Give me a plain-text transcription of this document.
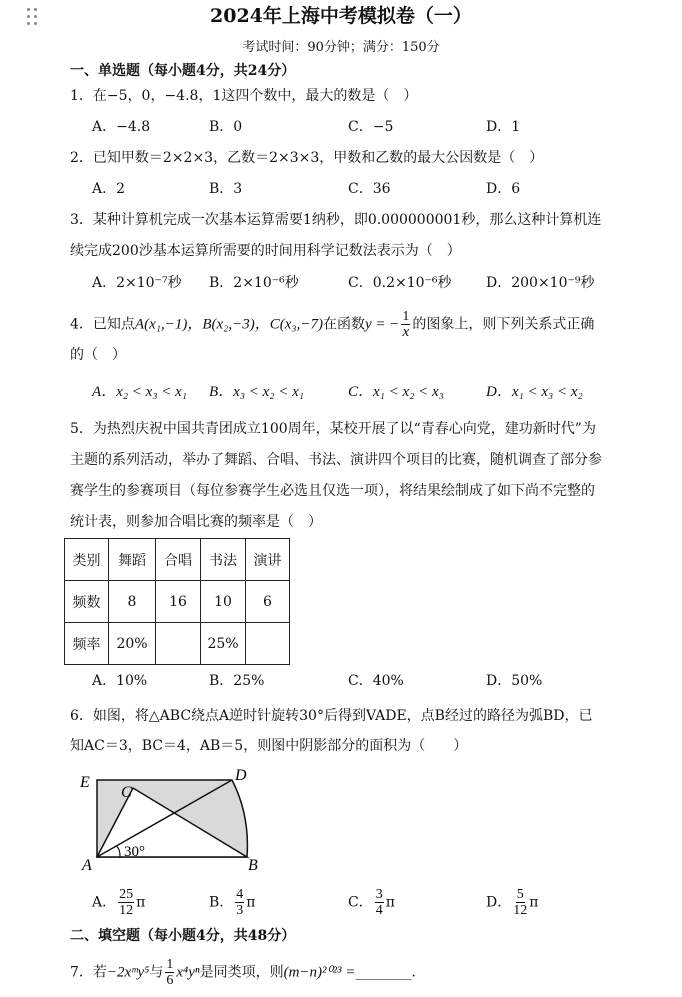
2024年上海中考模拟卷（一）
考试时间：90分钟；满分：150分
一、单选题（每小题4分，共24分）
1．在−5，0，−4.8，1这四个数中，最大的数是（　）
A．−4.8	B．0	C．−5	D．1
2．已知甲数＝2×2×3，乙数＝2×3×3，甲数和乙数的最大公因数是（　）
A．2	B．3	C．36	D．6
3．某种计算机完成一次基本运算需要1纳秒，即0.000000001秒，那么这种计算机连
续完成200沙基本运算所需要的时间用科学记数法表示为（　）
A．2×10⁻⁷秒 B．2×10⁻⁶秒	C．0.2×10⁻⁶秒 D．200×10⁻⁹秒
4．已知点A(x₁,−1)，B(x₂,−3)，C(x₃,−7)在函数y = − $\frac{1}{x}$ 的图象上，则下列关系式正确
的（　）
A．x₂ < x₃ < x₁ B．x₃ < x₂ < x₁	C．x₁ < x₂ < x₃	D．x₁ < x₃ < x₂
5．为热烈庆祝中国共青团成立100周年，某校开展了以“青春心向党，建功新时代”为
主题的系列活动，举办了舞蹈、合唱、书法、演讲四个项目的比赛，随机调查了部分参
赛学生的参赛项目（每位参赛学生必选且仅选一项），将结果绘制成了如下尚不完整的
统计表，则参加合唱比赛的频率是（　）
类别	舞蹈	合唱	书法	演讲
频数	8	16	10	6
频率	20%		25%	
A．10%	B．25%	C．40%	D．50%
6．如图，将△ABC绕点A逆时针旋转30°后得到VADE，点B经过的路径为弧BD，已
知AC＝3，BC＝4，AB＝5，则图中阴影部分的面积为（　　）
30°
E	D
C
A	B
A． $\frac{25}{12}$ π	B． $\frac{4}{3}$ π	C． $\frac{3}{4}$ π	D． $\frac{5}{12}$ π
二、填空题（每小题4分，共48分）
7．若−2xᵐy⁵与 $\frac{1}{6} x^4y^n$是同类项，则(m−n)²⁰²³ =________．
